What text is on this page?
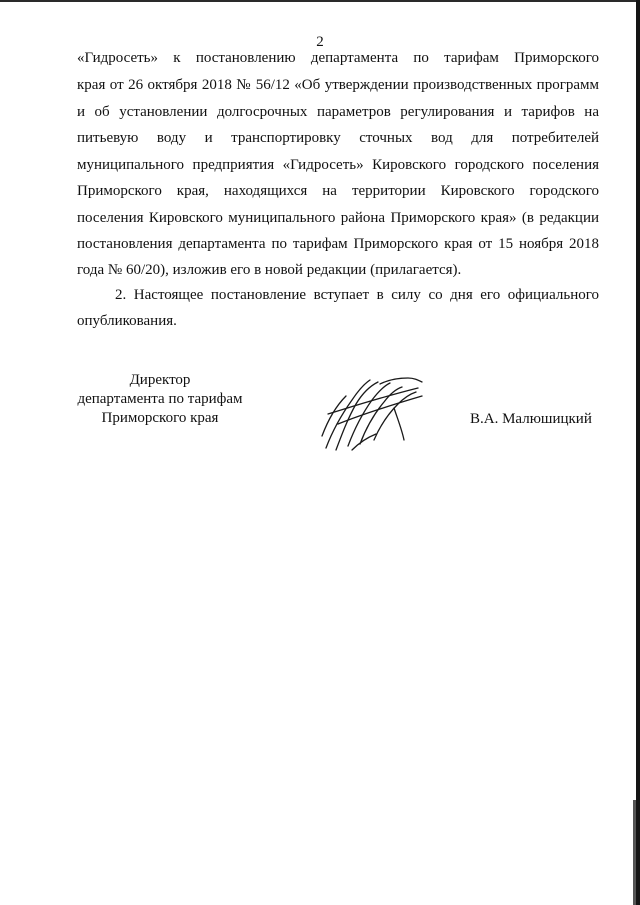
2
«Гидросеть» к постановлению департамента по тарифам Приморского
края от 26 октября 2018 № 56/12 «Об утверждении производственных программ
и об установлении долгосрочных параметров регулирования и тарифов на
питьевую воду и транспортировку сточных вод для потребителей
муниципального предприятия «Гидросеть» Кировского городского поселения
Приморского края, находящихся на территории Кировского городского
поселения Кировского муниципального района Приморского края» (в редакции
постановления департамента по тарифам Приморского края от 15 ноября 2018
года № 60/20), изложив его в новой редакции (прилагается).
2. Настоящее постановление вступает в силу со дня его официального
опубликования.
Директор
департамента по тарифам
Приморского края	В.А. Малюшицкий
